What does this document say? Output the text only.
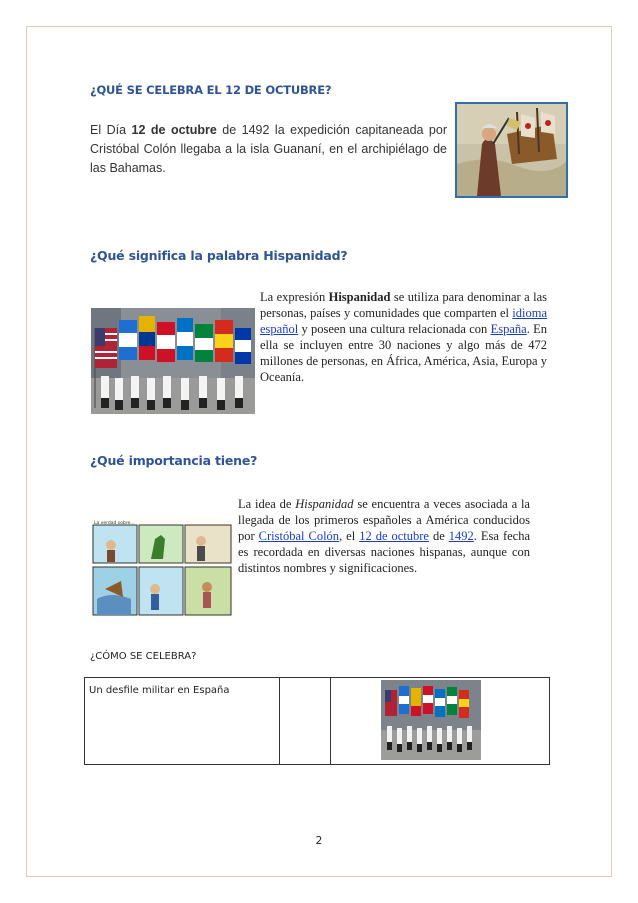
¿QUÉ SE CELEBRA EL 12 DE OCTUBRE?
El Día 12 de octubre de 1492 la expedición capitaneada por Cristóbal Colón llegaba a la isla Guananí, en el archipiélago de las Bahamas.
¿Qué significa la palabra Hispanidad?
La expresión Hispanidad
se utiliza para denominar a las personas, países y comunidades que comparten el idioma español y poseen una cultura relacionada con España. En ella se incluyen entre 30 naciones y algo más de 472 millones de personas, en África, América, Asia, Europa y Oceanía.
¿Qué importancia tiene?
La verdad sobre...
La idea de Hispanidad
se encuentra a veces asociada a la llegada de los primeros españoles a América conducidos por Cristóbal Colón, el 12 de octubre de 1492. Esa fecha es recordada en diversas naciones hispanas, aunque con distintos nombres y significaciones.
¿CÓMO SE CELEBRA?
Un desfile militar en España		
2
